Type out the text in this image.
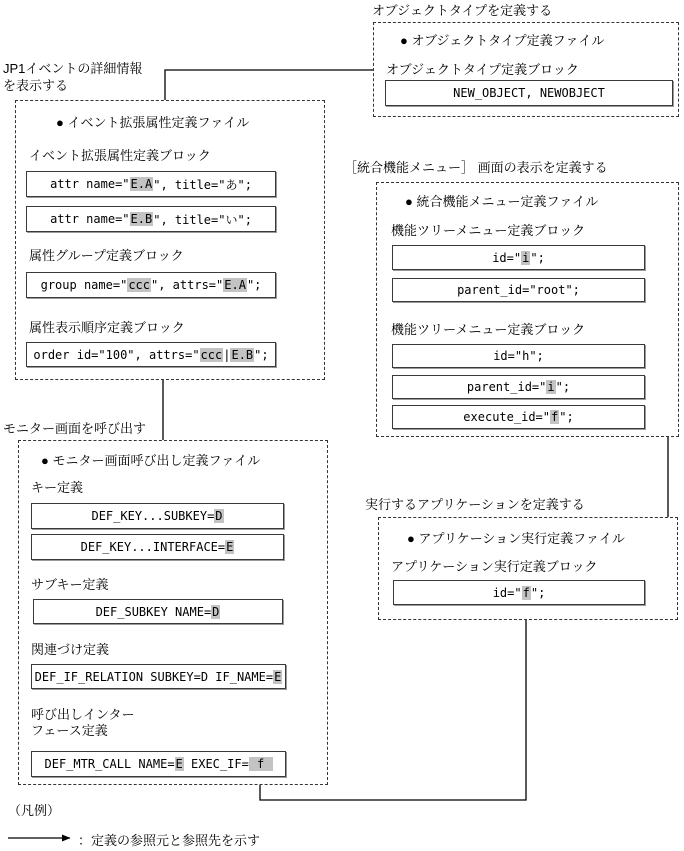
オブジェクトタイプを定義する
● オブジェクトタイプ定義ファイル
オブジェクトタイプ定義ブロック
NEW_OBJECT, NEWOBJECT
JP1イベントの詳細情報
を表示する
● イベント拡張属性定義ファイル
イベント拡張属性定義ブロック
attr name=" E.A ", title="あ";
attr name=" E.B ", title="い";
属性グループ定義ブロック
group name=" ccc ", attrs=" E.A ";
属性表示順序定義ブロック
order id="100", attrs=" ccc | E.B ";
［統合機能メニュー］ 画面の表示を定義する
● 統合機能メニュー定義ファイル
機能ツリーメニュー定義ブロック
id=" i ";
parent_id="root";
機能ツリーメニュー定義ブロック
id="h";
parent_id=" i ";
execute_id=" f ";
モニター画面を呼び出す
● モニター画面呼び出し定義ファイル
キー定義
DEF_KEY...SUBKEY= D
DEF_KEY...INTERFACE= E
サブキー定義
DEF_SUBKEY NAME= D
関連づけ定義
DEF_IF_RELATION SUBKEY=D IF_NAME= E
呼び出しインター
フェース定義
DEF_MTR_CALL NAME= E EXEC_IF= f
実行するアプリケーションを定義する
● アプリケーション実行定義ファイル
アプリケーション実行定義ブロック
id=" f ";
（凡例）
：定義の参照元と参照先を示す
